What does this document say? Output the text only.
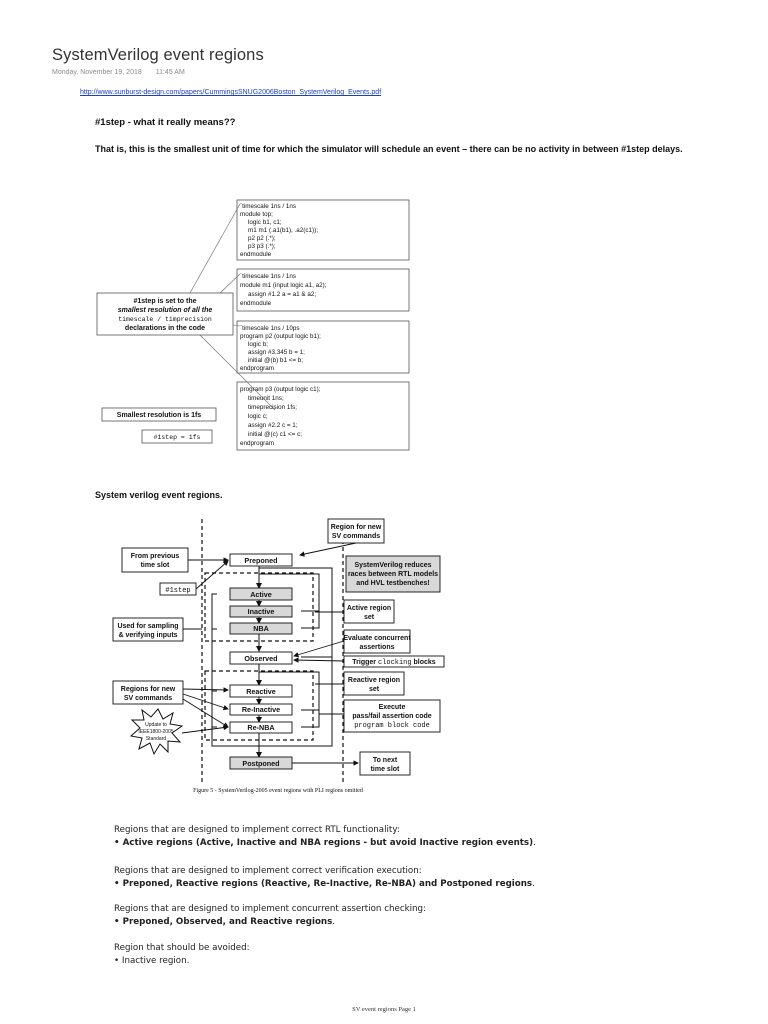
SystemVerilog event regions
Monday, November 19, 2018 11:45 AM
http://www.sunburst-design.com/papers/CummingsSNUG2006Boston_SystemVerilog_Events.pdf
#1step - what it really means??
That is, this is the smallest unit of time for which the simulator will schedule an event – there can be no activity in between #1step delays.
`timescale 1ns / 1ns
module top;
logic b1, c1;
m1 m1 (.a1(b1), .a2(c1));
p2 p2 (.*);
p3 p3 (.*);
endmodule
`timescale 1ns / 1ns
module m1 (input logic a1, a2);
assign #1.2 a = a1 & a2;
endmodule
`timescale 1ns / 10ps
program p2 (output logic b1);
logic b;
assign #3.345 b = 1;
initial @(b) b1 <= b;
endprogram
program p3 (output logic c1);
timeunit 1ns;
timeprecision 1fs;
logic c;
assign #2.2 c = 1;
initial @(c) c1 <= c;
endprogram
#1step is set to the
smallest resolution of all the
timescale / timprecision
declarations in the code
Smallest resolution is 1fs
#1step = 1fs
System verilog event regions.
Preponed
Active
Inactive
NBA
Observed
Reactive
Re-Inactive
Re-NBA
Postponed
From previous
time slot
#1step
Used for sampling
& verifying inputs
Regions for new
SV commands
Update to
IEEE1800-2005
Standard
Region for new
SV commands
SystemVerilog reduces
races between RTL models
and HVL testbenches!
Active region
set
Evaluate concurrent
assertions
Trigger clocking blocks
Reactive region
set
Execute
pass/fail assertion code
program block code
To next
time slot
Figure 5 - SystemVerilog-2005 event regions with PLI regions omitted
Regions that are designed to implement correct RTL functionality:
• Active regions (Active, Inactive and NBA regions - but avoid Inactive region events).
Regions that are designed to implement correct verification execution:
• Preponed, Reactive regions (Reactive, Re-Inactive, Re-NBA) and Postponed regions.
Regions that are designed to implement concurrent assertion checking:
• Preponed, Observed, and Reactive regions.
Region that should be avoided:
• Inactive region.
SV event regions Page 1
